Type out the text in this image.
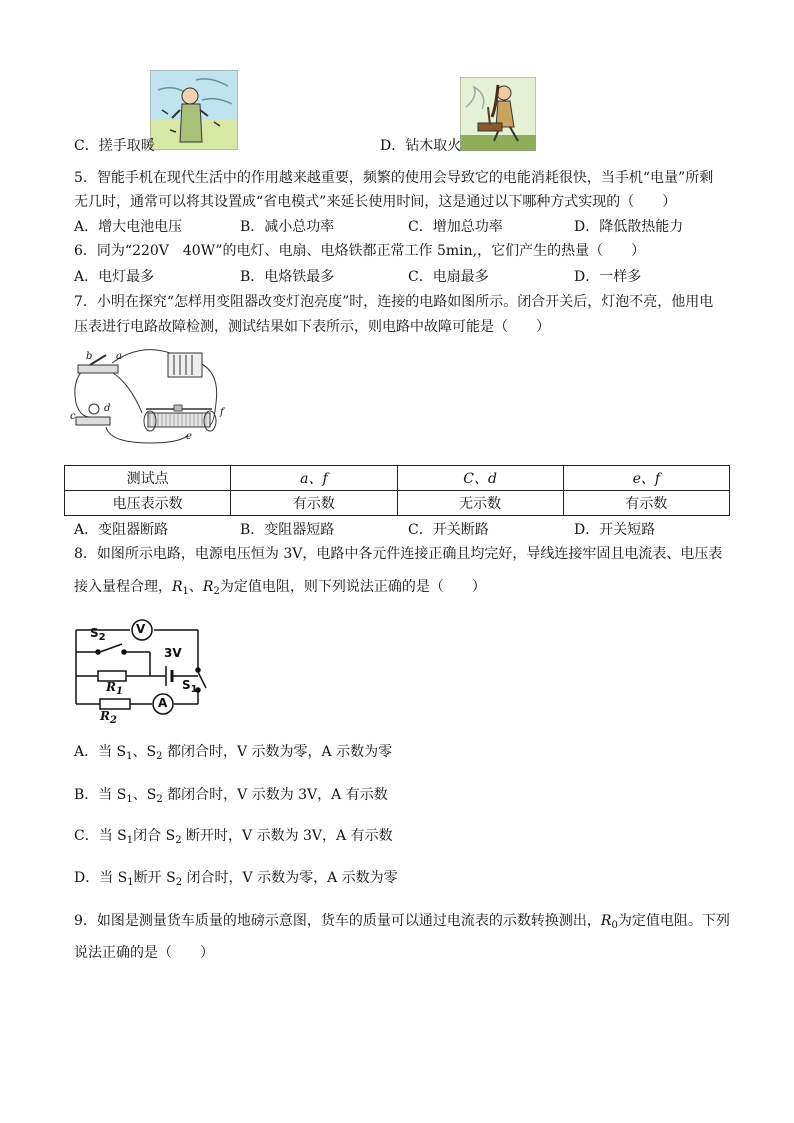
C．搓手取暖	D．钻木取火
5．智能手机在现代生活中的作用越来越重要，频繁的使用会导致它的电能消耗很快，当手机“电量”所剩
无几时，通常可以将其设置成“省电模式”来延长使用时间，这是通过以下哪种方式实现的（　　）
A．增大电池电压	B．减小总功率	C．增加总功率	D．降低散热能力
6．同为“220V　40W”的电灯、电扇、电烙铁都正常工作 5min,，它们产生的热量（　　）
A．电灯最多	B．电烙铁最多	C．电扇最多	D．一样多
7．小明在探究“怎样用变阻器改变灯泡亮度”时，连接的电路如图所示。闭合开关后，灯泡不亮，他用电
压表进行电路故障检测，测试结果如下表所示，则电路中故障可能是（　　）
b a
c
d
e
f
测试点	a、f	C、d	e、f
电压表示数	有示数	无示数	有示数
A．变阻器断路	B．变阻器短路	C．开关断路	D．开关短路
8．如图所示电路，电源电压恒为 3V，电路中各元件连接正确且均完好，导线连接牢固且电流表、电压表
接入量程合理，$R_1$、$R_2$为定值电阻，则下列说法正确的是（　　）
$S_2$
V
3V
$R_1$	$S_1$
$R_2$
A
A．当 $S_1$、$S_2$ 都闭合时，V 示数为零，A 示数为零
B．当 $S_1$、$S_2$ 都闭合时，V 示数为 3V，A 有示数
C．当 $S_1$闭合 $S_2$ 断开时，V 示数为 3V，A 有示数
D．当 $S_1$断开 $S_2$ 闭合时，V 示数为零，A 示数为零
9．如图是测量货车质量的地磅示意图，货车的质量可以通过电流表的示数转换测出，$R_0$为定值电阻。下列
说法正确的是（　　）
